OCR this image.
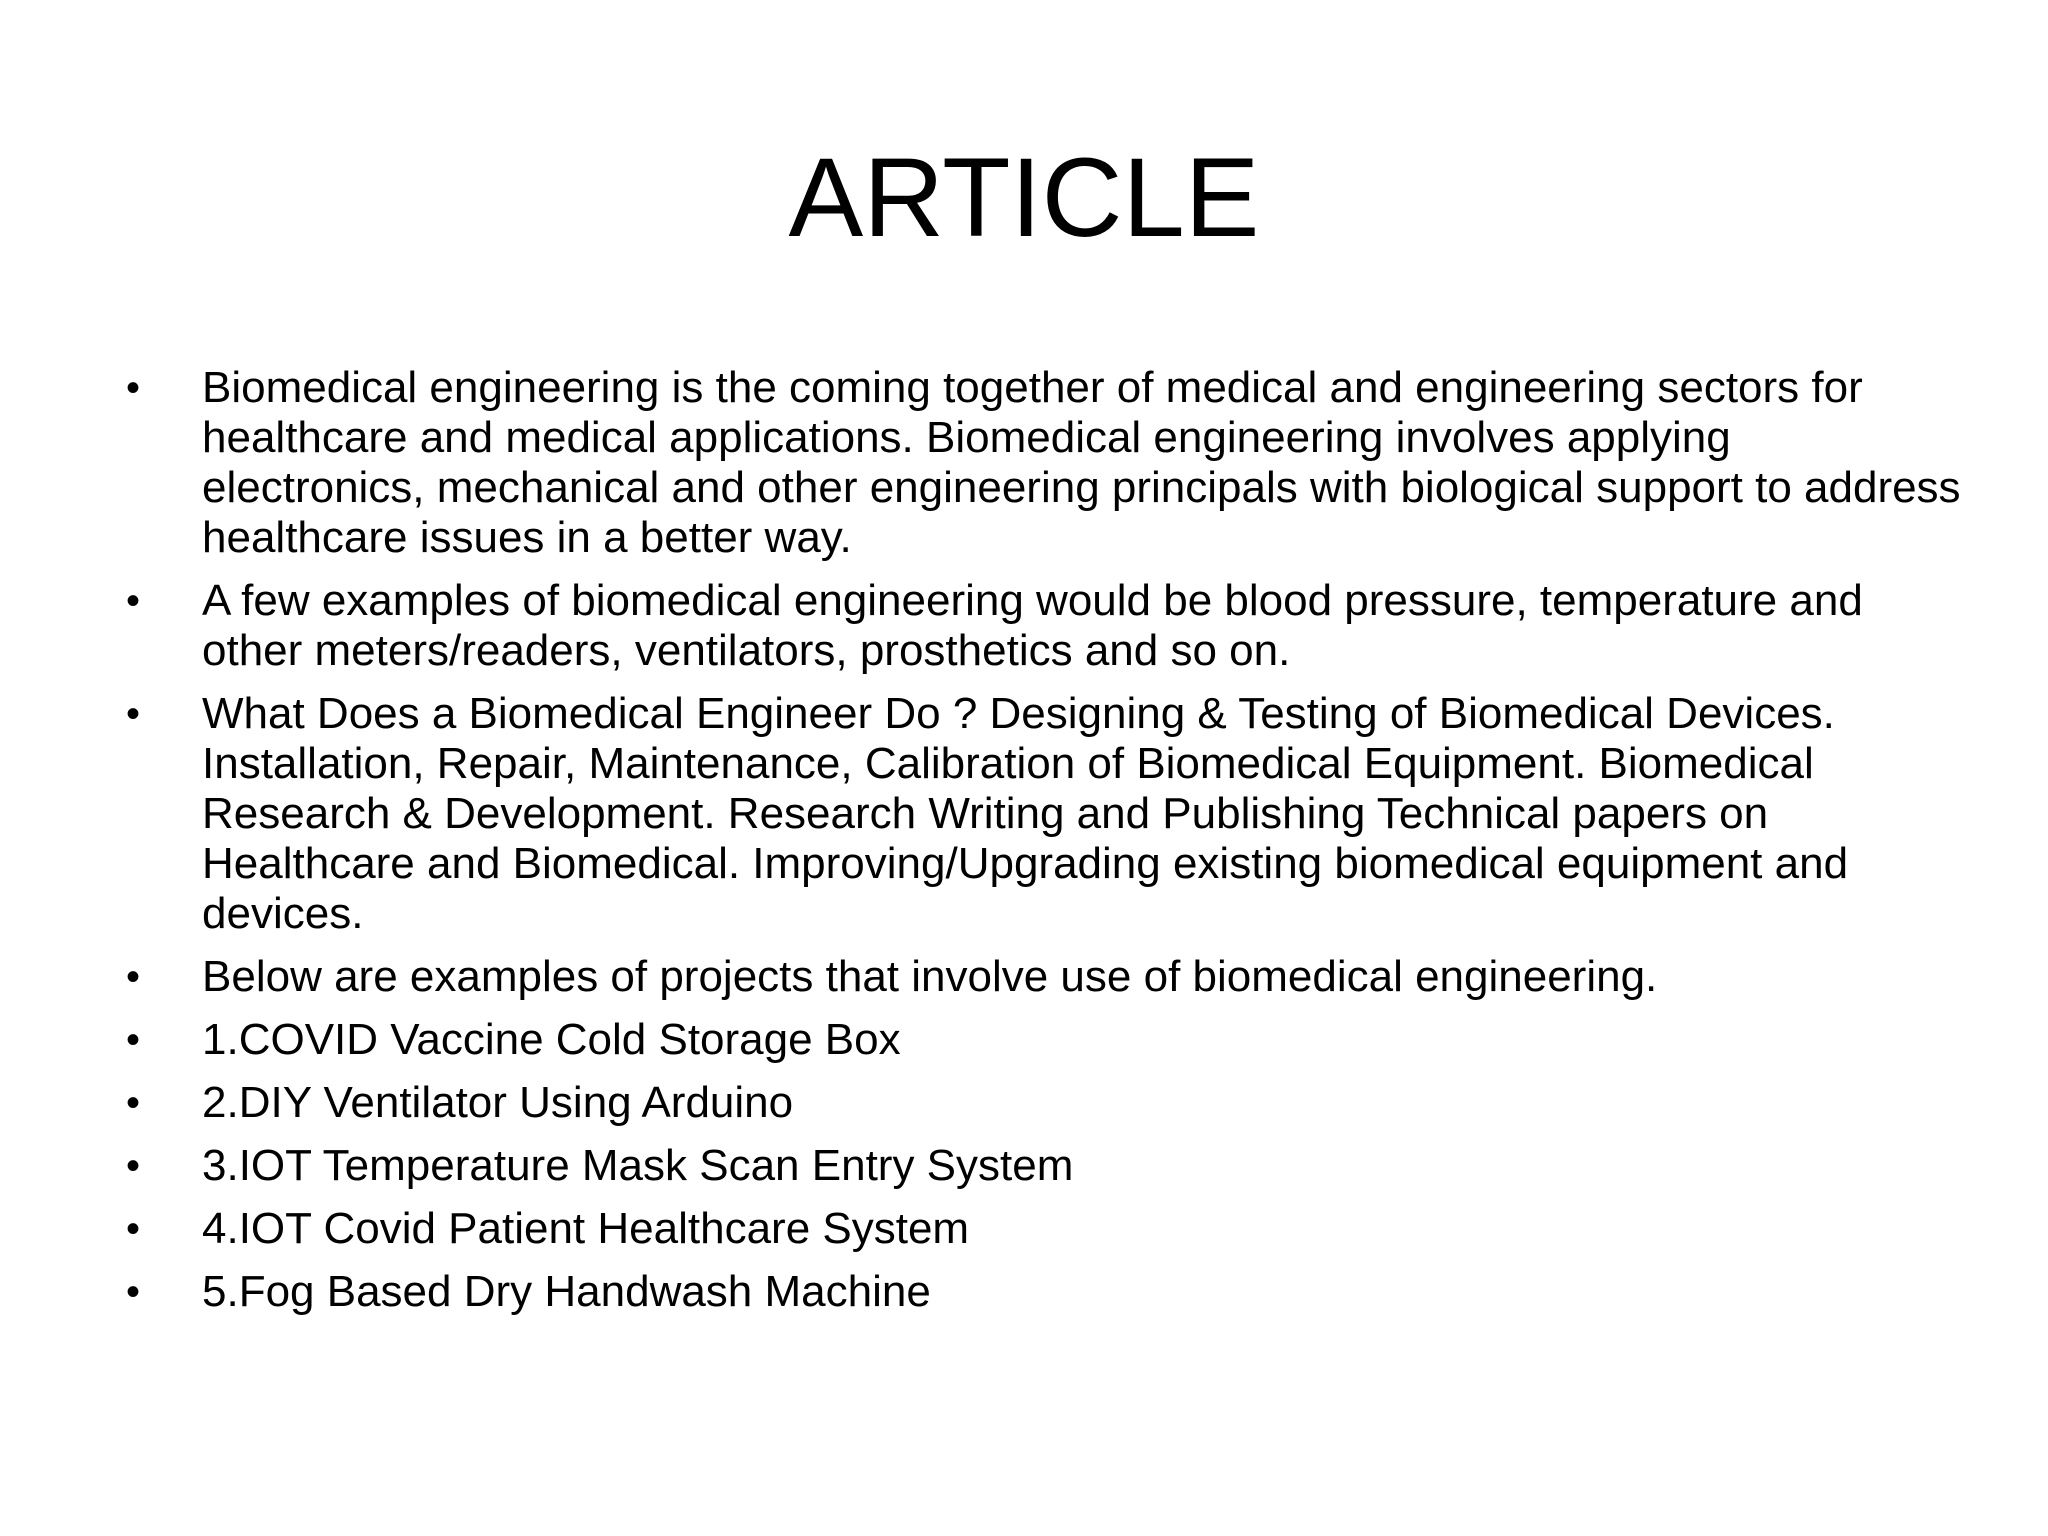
ARTICLE
• Biomedical engineering is the coming together of medical and engineering sectors for healthcare and medical applications. Biomedical engineering involves applying electronics, mechanical and other engineering principals with biological support to address healthcare issues in a better way.
• A few examples of biomedical engineering would be blood pressure, temperature and other meters/readers, ventilators, prosthetics and so on.
• What Does a Biomedical Engineer Do ? Designing & Testing of Biomedical Devices. Installation, Repair, Maintenance, Calibration of Biomedical Equipment. Biomedical Research & Development. Research Writing and Publishing Technical papers on Healthcare and Biomedical. Improving/Upgrading existing biomedical equipment and devices.
• Below are examples of projects that involve use of biomedical engineering.
• 1.COVID Vaccine Cold Storage Box
• 2.DIY Ventilator Using Arduino
• 3.IOT Temperature Mask Scan Entry System
• 4.IOT Covid Patient Healthcare System
• 5.Fog Based Dry Handwash Machine
